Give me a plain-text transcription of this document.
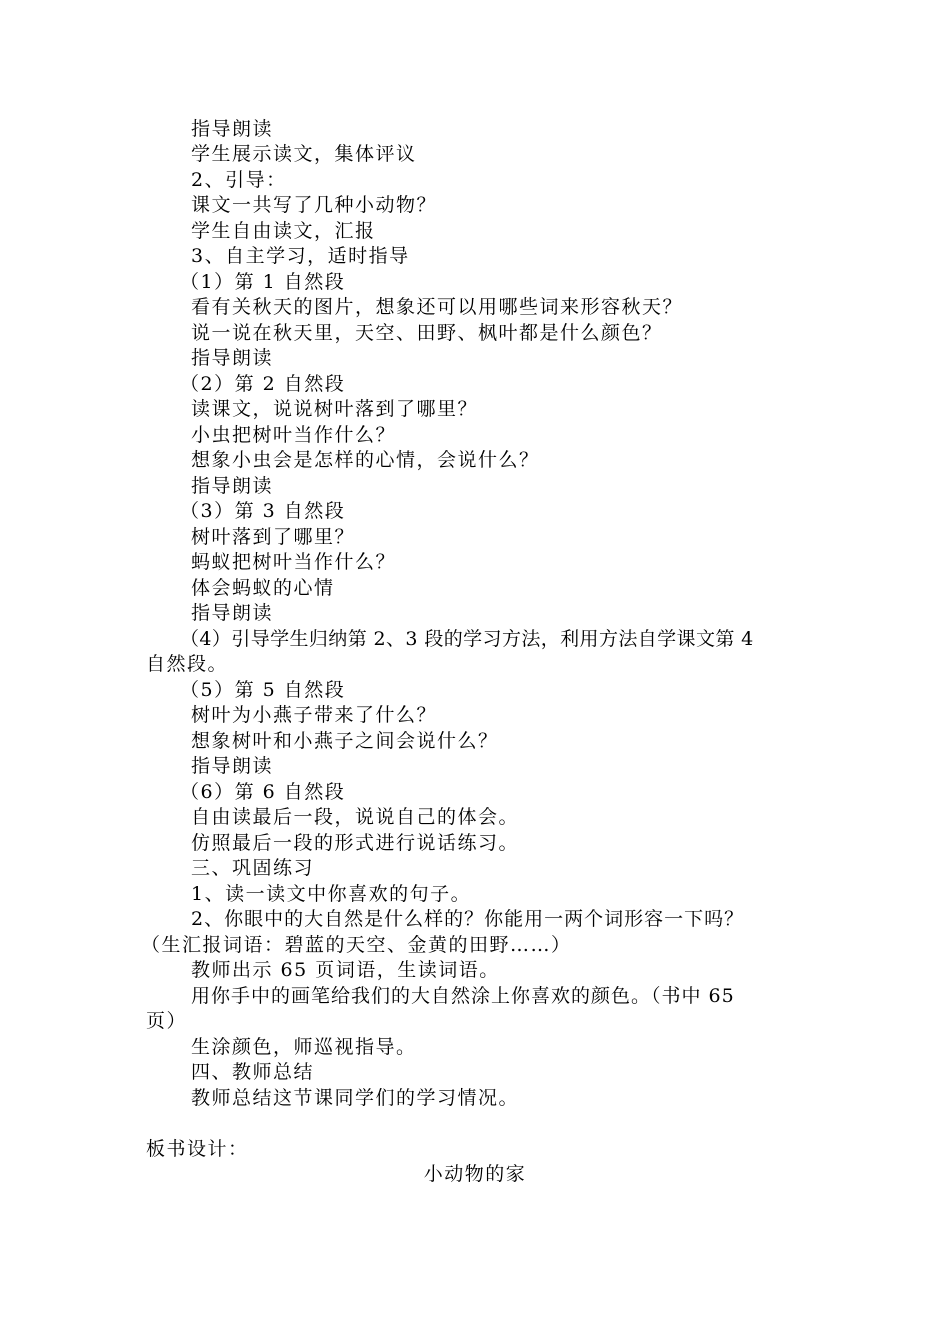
指导朗读
学生展示读文，集体评议
2、引导：
课文一共写了几种小动物？
学生自由读文，汇报
3、自主学习，适时指导
（1）第 1 自然段
看有关秋天的图片，想象还可以用哪些词来形容秋天？
说一说在秋天里，天空、田野、枫叶都是什么颜色？
指导朗读
（2）第 2 自然段
读课文，说说树叶落到了哪里？
小虫把树叶当作什么？
想象小虫会是怎样的心情，会说什么？
指导朗读
（3）第 3 自然段
树叶落到了哪里？
蚂蚁把树叶当作什么？
体会蚂蚁的心情
指导朗读
（4）引导学生归纳第 2、3 段的学习方法，利用方法自学课文第 4
自然段。
（5）第 5 自然段
树叶为小燕子带来了什么？
想象树叶和小燕子之间会说什么？
指导朗读
（6）第 6 自然段
自由读最后一段，说说自己的体会。
仿照最后一段的形式进行说话练习。
三、巩固练习
1、读一读文中你喜欢的句子。
2、你眼中的大自然是什么样的？你能用一两个词形容一下吗？
（生汇报词语：碧蓝的天空、金黄的田野……）
教师出示 65 页词语，生读词语。
用你手中的画笔给我们的大自然涂上你喜欢的颜色。（书中 65
页）
生涂颜色，师巡视指导。
四、教师总结
教师总结这节课同学们的学习情况。
板书设计：
小动物的家
